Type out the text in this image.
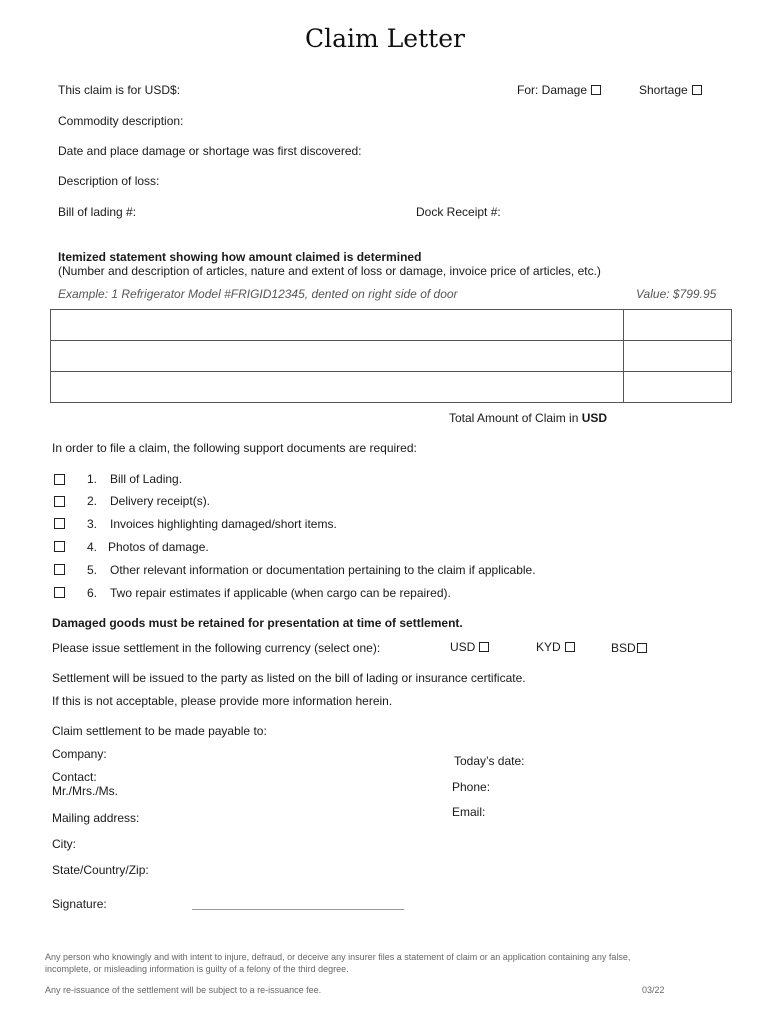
Claim Letter
This claim is for USD$:	For: Damage	Shortage
Commodity description:
Date and place damage or shortage was first discovered:
Description of loss:
Bill of lading #:	Dock Receipt #:
Itemized statement showing how amount claimed is determined
(Number and description of articles, nature and extent of loss or damage, invoice price of articles, etc.)
Example: 1 Refrigerator Model #FRIGID12345, dented on right side of door	Value: $799.95

Total Amount of Claim in USD
In order to file a claim, the following support documents are required:
1. Bill of Lading.
2. Delivery receipt(s).
3. Invoices highlighting damaged/short items.
4. Photos of damage.
5. Other relevant information or documentation pertaining to the claim if applicable.
6. Two repair estimates if applicable (when cargo can be repaired).
Damaged goods must be retained for presentation at time of settlement.
Please issue settlement in the following currency (select one):	USD	KYD	BSD
Settlement will be issued to the party as listed on the bill of lading or insurance certificate.
If this is not acceptable, please provide more information herein.
Claim settlement to be made payable to:
Company:
Contact:
Mr./Mrs./Ms.
Mailing address:
City:
State/Country/Zip:
Signature:
Today’s date:
Phone:
Email:
Any person who knowingly and with intent to injure, defraud, or deceive any insurer files a statement of claim or an application containing any false,
incomplete, or misleading information is guilty of a felony of the third degree.
Any re-issuance of the settlement will be subject to a re-issuance fee.	03/22
